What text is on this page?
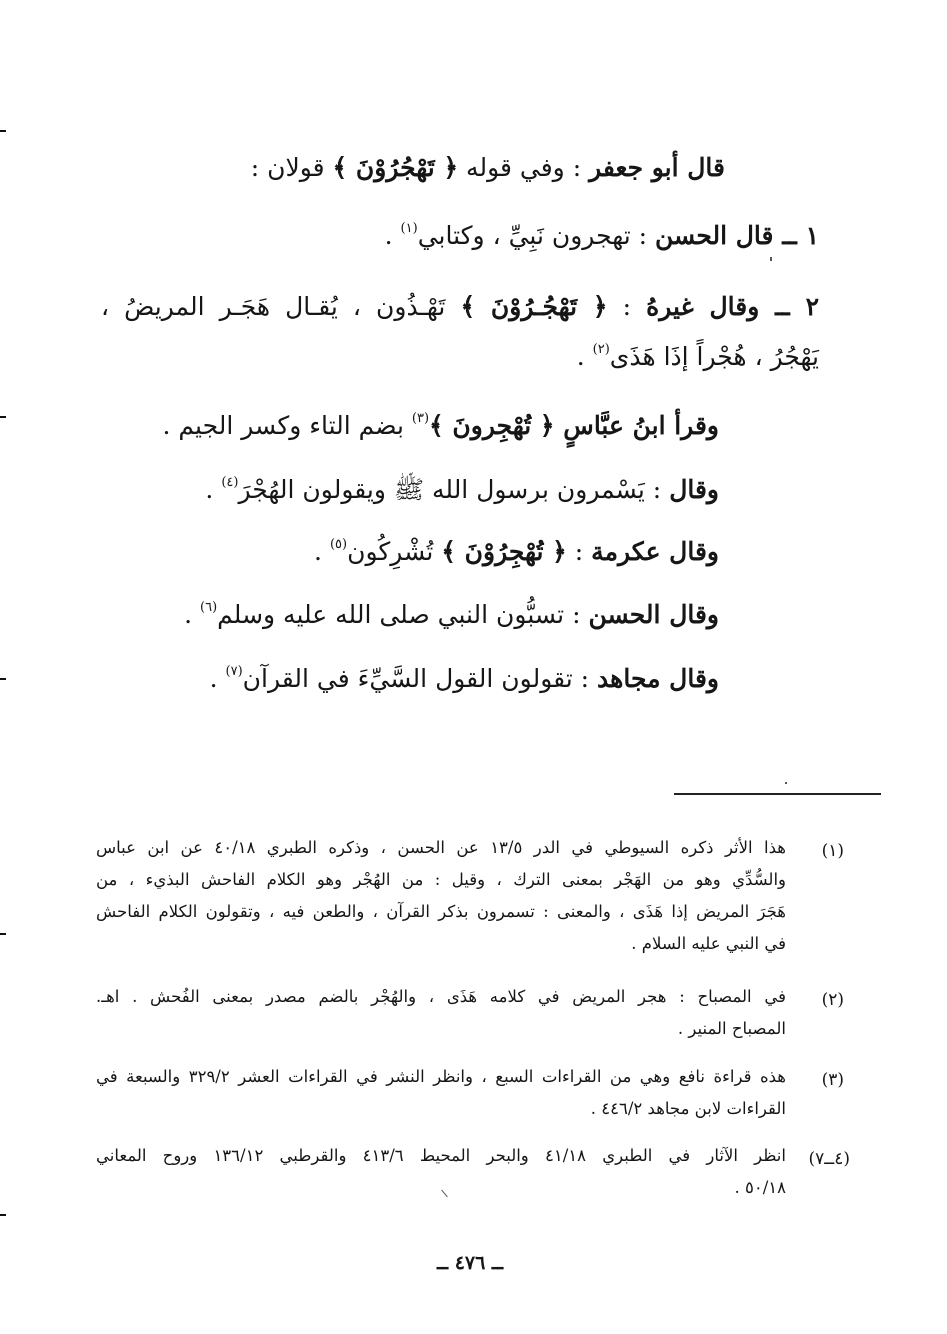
قال أبو جعفر : وفي قوله ﴿ تَهْجُرُوْنَ ﴾ قولان :
١ ــ قال الحسن : تهجرون نَبِيِّ ، وكتابي$^{(١)}$ .
٢ ــ وقال غيرهُ : ﴿ تَهْجُـرُوْنَ ﴾ تَهْـذُون ، يُقـال هَجَـر المريضُ ،
يَهْجُرُ ، هُجْراً إذَا هَذَى$^{(٢)}$ .
وقرأ ابنُ عبَّاسٍ ﴿ تُهْجِرونَ ﴾$^{(٣)}$ بضم التاء وكسر الجيم .
وقال : يَسْمرون برسول الله ﷺ ويقولون الهُجْرَ$^{(٤)}$ .
وقال عكرمة : ﴿ تُهْجِرُوْنَ ﴾ تُشْرِكُون$^{(٥)}$ .
وقال الحسن : تسبُّون النبي صلى الله عليه وسلم$^{(٦)}$ .
وقال مجاهد : تقولون القول السَّيِّءَ في القرآن$^{(٧)}$ .
(١)
هذا الأثر ذكره السيوطي في الدر ١٣/٥ عن الحسن ، وذكره الطبري ٤٠/١٨ عن ابن عباس
والسُّدِّي وهو من الهَجْر بمعنى الترك ، وقيل : من الهُجْر وهو الكلام الفاحش البذيء ، من
هَجَرَ المريض إذا هَذَى ، والمعنى : تسمرون بذكر القرآن ، والطعن فيه ، وتقولون الكلام الفاحش
في النبي عليه السلام .
(٢)
في المصباح : هجر المريض في كلامه هَذَى ، والهُجْر بالضم مصدر بمعنى الفُحش . اهـ.
المصباح المنير .
(٣)
هذه قراءة نافع وهي من القراءات السبع ، وانظر النشر في القراءات العشر ٣٢٩/٢ والسبعة في
القراءات لابن مجاهد ٤٤٦/٢ .
(٤ــ٧)
انظر الآثار في الطبري ٤١/١٨ والبحر المحيط ٤١٣/٦ والقرطبي ١٣٦/١٢ وروح المعاني
٥٠/١٨ .
ــ ٤٧٦ ــ
